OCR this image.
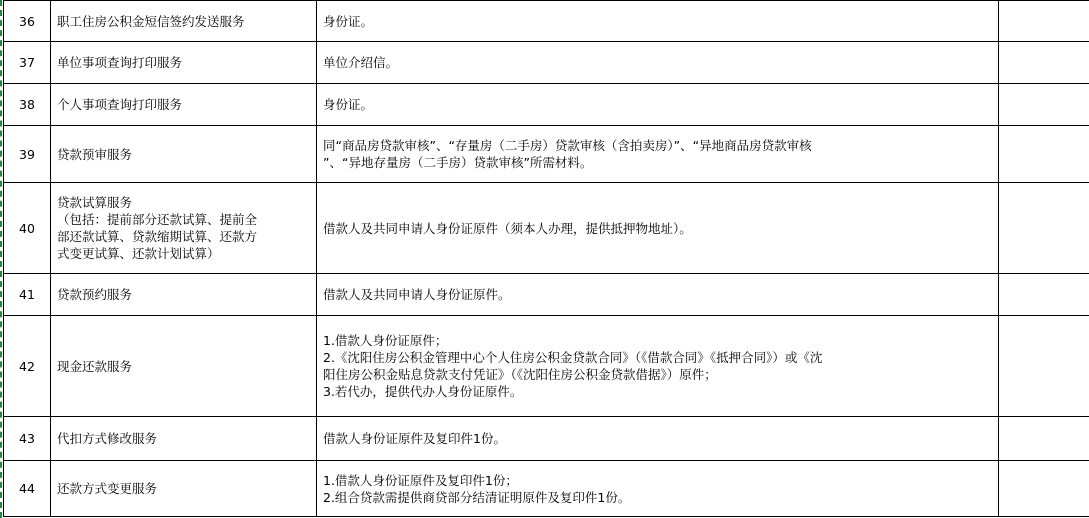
36	职工住房公积金短信签约发送服务	身份证。	

37	单位事项查询打印服务	单位介绍信。	

38	个人事项查询打印服务	身份证。	

39	贷款预审服务	同“商品房贷款审核”、“存量房（二手房）贷款审核（含拍卖房）”、“异地商品房贷款审核
”、“异地存量房（二手房）贷款审核”所需材料。	

40	贷款试算服务
（包括：提前部分还款试算、提前全
部还款试算、贷款缩期试算、还款方
式变更试算、还款计划试算）	借款人及共同申请人身份证原件（须本人办理，提供抵押物地址）。	

41	贷款预约服务	借款人及共同申请人身份证原件。	

42	现金还款服务	1.借款人身份证原件；
2.《沈阳住房公积金管理中心个人住房公积金贷款合同》（《借款合同》《抵押合同》）或《沈
阳住房公积金贴息贷款支付凭证》（《沈阳住房公积金贷款借据》）原件；
3.若代办，提供代办人身份证原件。	

43	代扣方式修改服务	借款人身份证原件及复印件1份。	

44	还款方式变更服务	1.借款人身份证原件及复印件1份；
2.组合贷款需提供商贷部分结清证明原件及复印件1份。	
